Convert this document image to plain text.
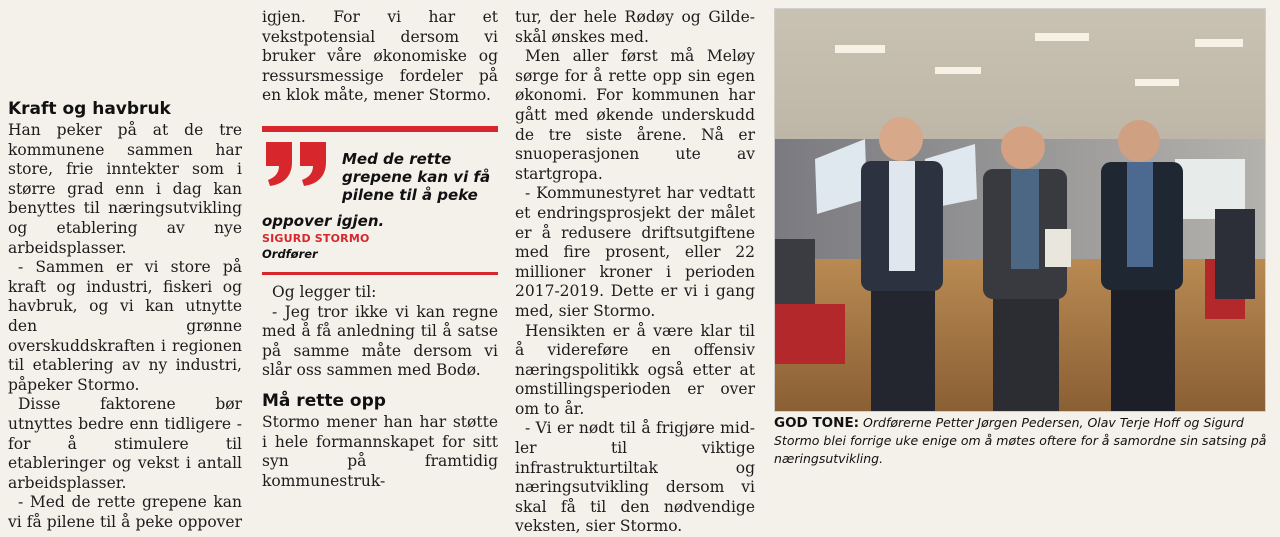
Kraft og havbruk

Han peker på at de tre kommunene sammen har store, frie inntekter som i større grad enn i dag kan benyttes til næringsutvikling og etablering av nye arbeidsplasser.

- Sammen er vi store på kraft og industri, fiskeri og havbruk, og vi kan utnytte den grønne overskuddskraften i regionen til etablering av ny industri, påpeker Stormo.

Disse faktorene bør utnyttes bedre enn tidligere - for å stimulere til etableringer og vekst i antall arbeidsplasser.

- Med de rette grepene kan vi få pilene til å peke oppover

igjen. For vi har et vekstpotensial dersom vi bruker våre økonomiske og ressursmessige fordeler på en klok måte, mener Stormo.

Med de rette grepene kan vi få pilene til å peke
oppover igjen.
SIGURD STORMO
Ordfører

Og legger til:

- Jeg tror ikke vi kan regne med å få anledning til å satse på samme måte dersom vi slår oss sammen med Bodø.

Må rette opp

Stormo mener han har støtte i hele formannskapet for sitt syn på framtidig kommunestruk-

tur, der hele Rødøy og Gildeskål ønskes med.

Men aller først må Meløy sørge for å rette opp sin egen økonomi. For kommunen har gått med økende underskudd de tre siste årene. Nå er snuoperasjonen ute av startgropa.

- Kommunestyret har vedtatt et endringsprosjekt der målet er å redusere driftsutgiftene med fire prosent, eller 22 millioner kroner i perioden 2017-2019. Dette er vi i gang med, sier Stormo.

Hensikten er å være klar til å videreføre en offensiv næringspolitikk også etter at omstillingsperioden er over om to år.

- Vi er nødt til å frigjøre midler til viktige infrastrukturtiltak og næringsutvikling dersom vi skal få til den nødvendige veksten, sier Stormo.

GOD TONE: Ordførerne Petter Jørgen Pedersen, Olav Terje Hoff og Sigurd Stormo blei forrige uke enige om å møtes oftere for å samordne sin satsing på næringsutvikling.
